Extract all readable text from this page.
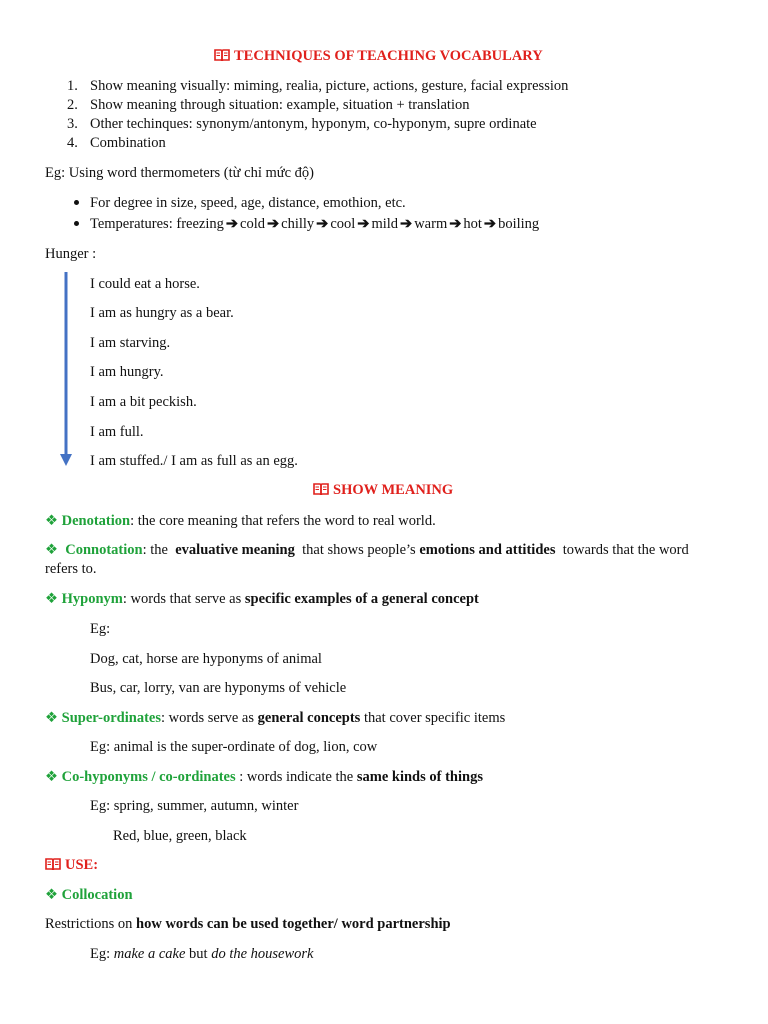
TECHNIQUES OF TEACHING VOCABULARY
1. Show meaning visually: miming, realia, picture, actions, gesture, facial expression
2. Show meaning through situation: example, situation + translation
3. Other techinques: synonym/antonym, hyponym, co-hyponym, supre ordinate
4. Combination
Eg: Using word thermometers (từ chỉ mức độ)
For degree in size, speed, age, distance, emothion, etc.
Temperatures: freezing ➔ cold ➔ chilly ➔ cool ➔ mild ➔ warm ➔ hot ➔ boiling
Hunger :
I could eat a horse.
I am as hungry as a bear.
I am starving.
I am hungry.
I am a bit peckish.
I am full.
I am stuffed./ I am as full as an egg.
SHOW MEANING
❖ Denotation: the core meaning that refers the word to real world.
❖ Connotation: the  evaluative meaning  that shows people’s emotions and attitides  towards that the word
refers to.
❖ Hyponym: words that serve as specific examples of a general concept
Eg:
Dog, cat, horse are hyponyms of animal
Bus, car, lorry, van are hyponyms of vehicle
❖ Super-ordinates: words serve as general concepts that cover specific items
Eg: animal is the super-ordinate of dog, lion, cow
❖ Co-hyponyms / co-ordinates : words indicate the same kinds of things
Eg: spring, summer, autumn, winter
Red, blue, green, black
USE:
❖ Collocation
Restrictions on how words can be used together/ word partnership
Eg: make a cake but do the housework
